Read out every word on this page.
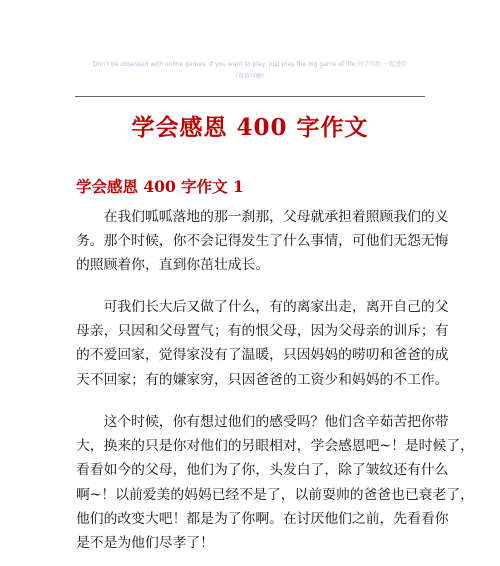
Don't be obsessed with online games. If you want to play, just play the big game of life.同学互助 一起进步
（页眉可删）
学会感恩 400 字作文
学会感恩 400 字作文 1
　　在我们呱呱落地的那一刹那，父母就承担着照顾我们的义
务。那个时候，你不会记得发生了什么事情，可他们无怨无悔
的照顾着你，直到你茁壮成长。
　　可我们长大后又做了什么，有的离家出走，离开自己的父
母亲，只因和父母置气；有的恨父母，因为父母亲的训斥；有
的不爱回家，觉得家没有了温暖，只因妈妈的唠叨和爸爸的成
天不回家；有的嫌家穷，只因爸爸的工资少和妈妈的不工作。
　　这个时候，你有想过他们的感受吗？他们含辛茹苦把你带
大，换来的只是你对他们的另眼相对，学会感恩吧~！是时候了，
看看如今的父母，他们为了你，头发白了，除了皱纹还有什么
啊~！以前爱美的妈妈已经不是了，以前耍帅的爸爸也已衰老了，
他们的改变大吧！都是为了你啊。在讨厌他们之前，先看看你
是不是为他们尽孝了！
